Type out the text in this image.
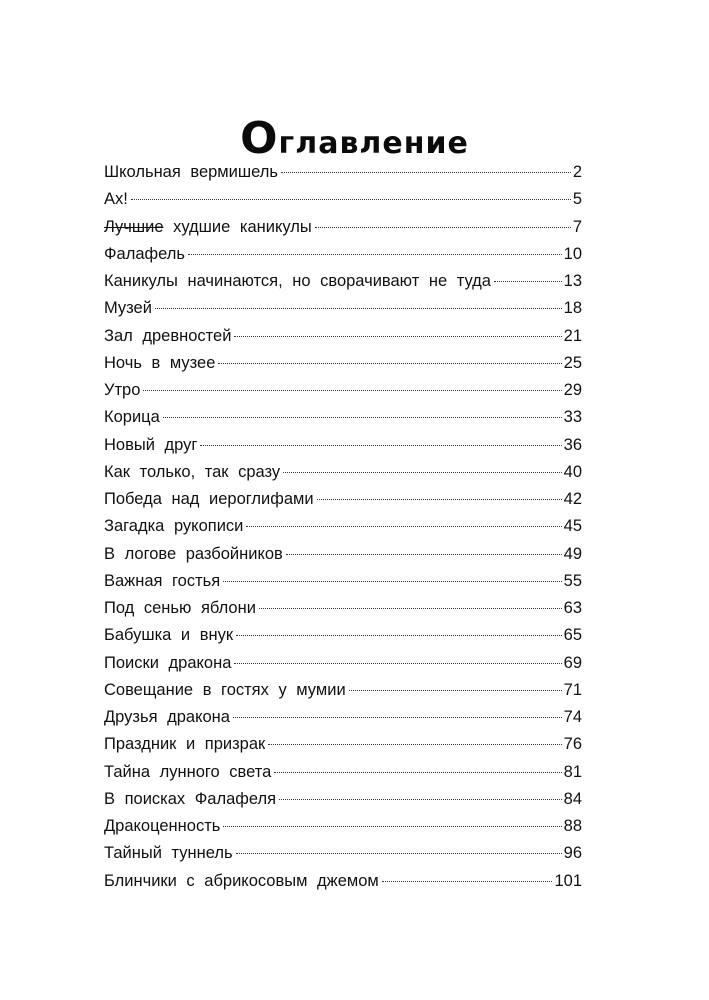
Оглавление
Школьная вермишель	2
Ах!	5
Лучшие худшие каникулы	7
Фалафель	10
Каникулы начинаются, но сворачивают не туда	13
Музей	18
Зал древностей	21
Ночь в музее	25
Утро	29
Корица	33
Новый друг	36
Как только, так сразу	40
Победа над иероглифами	42
Загадка рукописи	45
В логове разбойников	49
Важная гостья	55
Под сенью яблони	63
Бабушка и внук	65
Поиски дракона	69
Совещание в гостях у мумии	71
Друзья дракона	74
Праздник и призрак	76
Тайна лунного света	81
В поисках Фалафеля	84
Дракоценность	88
Тайный туннель	96
Блинчики с абрикосовым джемом	101
